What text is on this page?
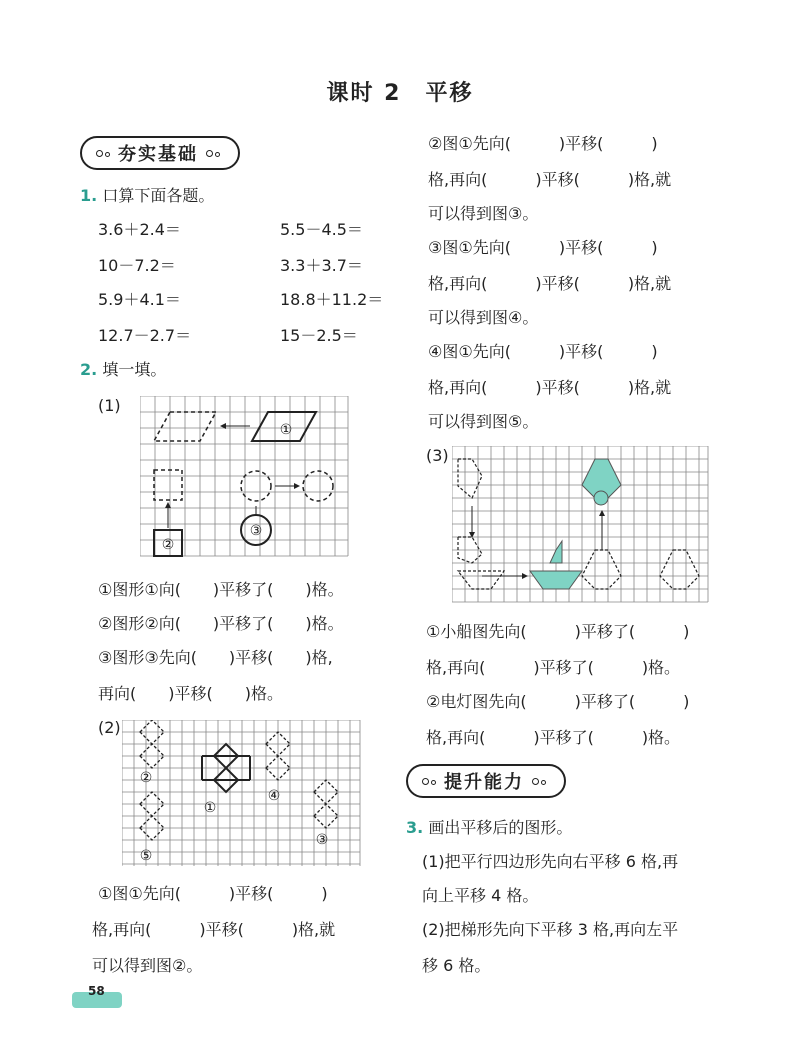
课时 2　平移
夯实基础
1. 口算下面各题。
3.6＋2.4＝	5.5－4.5＝
10－7.2＝	3.3＋3.7＝
5.9＋4.1＝	18.8＋11.2＝
12.7－2.7＝	15－2.5＝
2. 填一填。
(1)
①
②
③
①图形①向(　　)平移了(　　)格。
②图形②向(　　)平移了(　　)格。
③图形③先向(　　)平移(　　)格,
再向(　　)平移(　　)格。
(2)
①
②
⑤
④
③
①图①先向(　　　)平移(　　　)
格,再向(　　　)平移(　　　)格,就
可以得到图②。
②图①先向(　　　)平移(　　　)
格,再向(　　　)平移(　　　)格,就
可以得到图③。
③图①先向(　　　)平移(　　　)
格,再向(　　　)平移(　　　)格,就
可以得到图④。
④图①先向(　　　)平移(　　　)
格,再向(　　　)平移(　　　)格,就
可以得到图⑤。
(3)
①小船图先向(　　　)平移了(　　　)
格,再向(　　　)平移了(　　　)格。
②电灯图先向(　　　)平移了(　　　)
格,再向(　　　)平移了(　　　)格。
提升能力
3. 画出平移后的图形。
(1)把平行四边形先向右平移 6 格,再
向上平移 4 格。
(2)把梯形先向下平移 3 格,再向左平
移 6 格。
58
